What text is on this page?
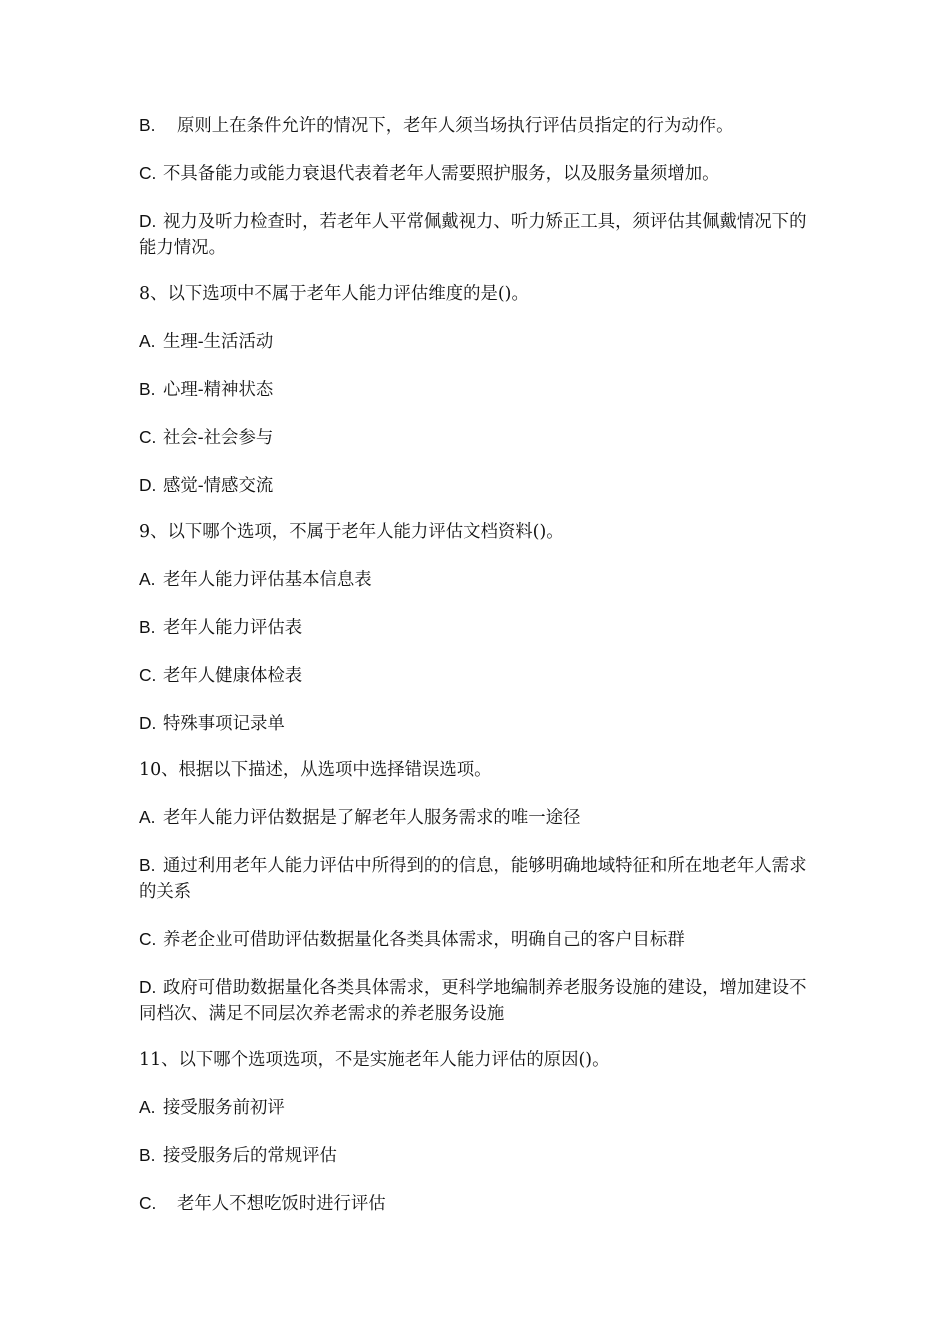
B. 原则上在条件允许的情况下，老年人须当场执行评估员指定的行为动作。

C. 不具备能力或能力衰退代表着老年人需要照护服务，以及服务量须增加。

D. 视力及听力检查时，若老年人平常佩戴视力、听力矫正工具，须评估其佩戴情况下的能力情况。

8、以下选项中不属于老年人能力评估维度的是()。

A. 生理-生活活动

B. 心理-精神状态

C. 社会-社会参与

D. 感觉-情感交流

9、以下哪个选项，不属于老年人能力评估文档资料()。

A. 老年人能力评估基本信息表

B. 老年人能力评估表

C. 老年人健康体检表

D. 特殊事项记录单

10、根据以下描述，从选项中选择错误选项。

A. 老年人能力评估数据是了解老年人服务需求的唯一途径

B. 通过利用老年人能力评估中所得到的的信息，能够明确地域特征和所在地老年人需求的关系

C. 养老企业可借助评估数据量化各类具体需求，明确自己的客户目标群

D. 政府可借助数据量化各类具体需求，更科学地编制养老服务设施的建设，增加建设不同档次、满足不同层次养老需求的养老服务设施

11、以下哪个选项选项，不是实施老年人能力评估的原因()。

A. 接受服务前初评

B. 接受服务后的常规评估

C. 老年人不想吃饭时进行评估
